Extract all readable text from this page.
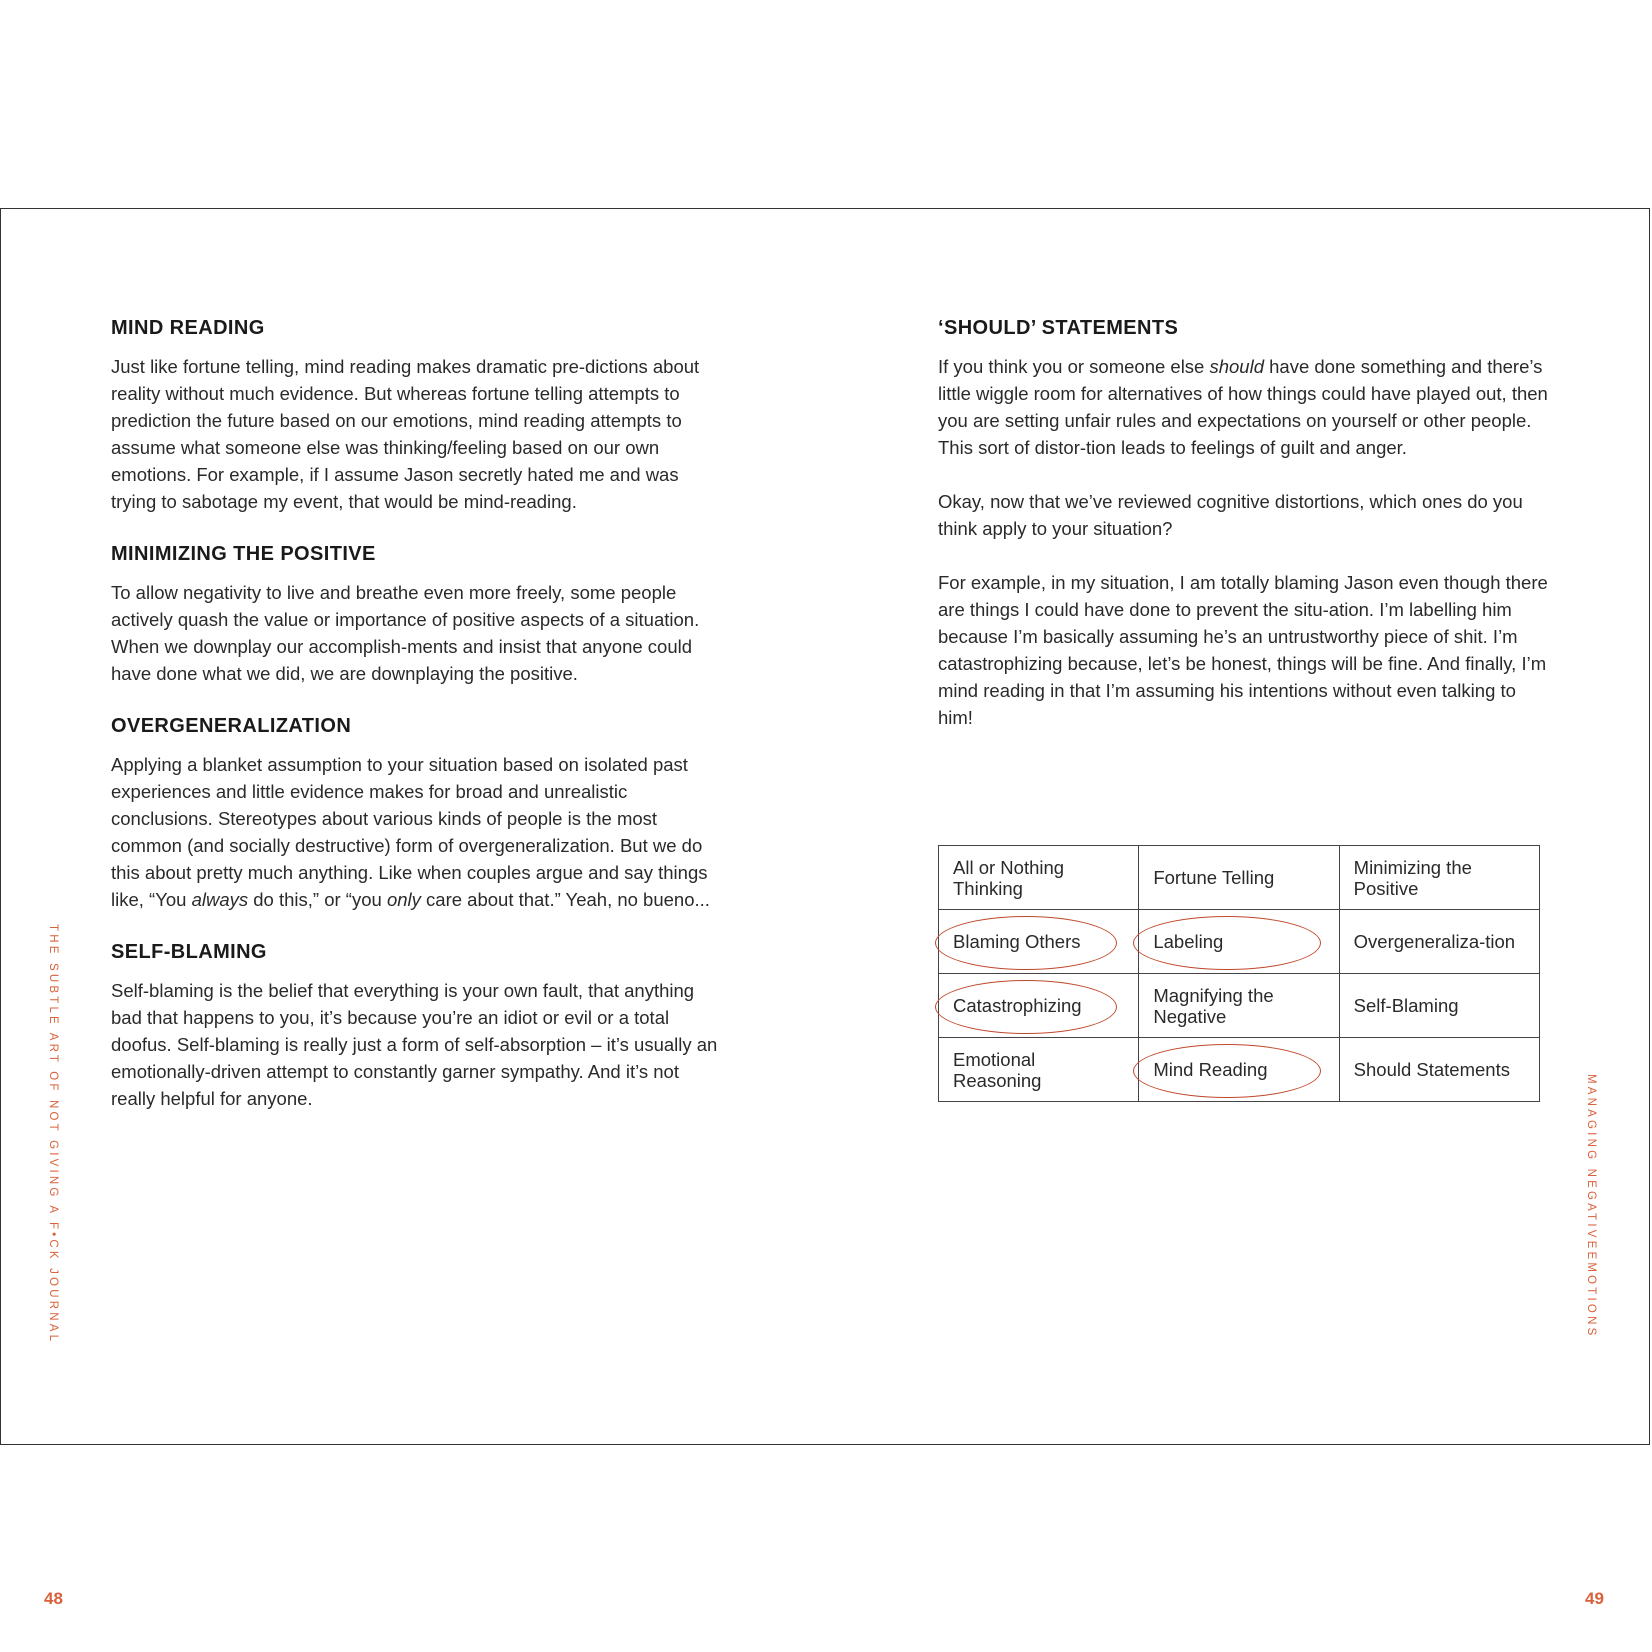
MIND READING

Just like fortune telling, mind reading makes dramatic pre-dictions about reality without much evidence. But whereas fortune telling attempts to prediction the future based on our emotions, mind reading attempts to assume what someone else was thinking/feeling based on our own emotions. For example, if I assume Jason secretly hated me and was trying to sabotage my event, that would be mind-reading.

MINIMIZING THE POSITIVE

To allow negativity to live and breathe even more freely, some people actively quash the value or importance of positive aspects of a situation. When we downplay our accomplish-ments and insist that anyone could have done what we did, we are downplaying the positive.

OVERGENERALIZATION

Applying a blanket assumption to your situation based on isolated past experiences and little evidence makes for broad and unrealistic conclusions. Stereotypes about various kinds of people is the most common (and socially destructive) form of overgeneralization. But we do this about pretty much anything. Like when couples argue and say things like, “You always do this,” or “you only care about that.” Yeah, no bueno...

SELF-BLAMING

Self-blaming is the belief that everything is your own fault, that anything bad that happens to you, it’s because you’re an idiot or evil or a total doofus. Self-blaming is really just a form of self-absorption – it’s usually an emotionally-driven attempt to constantly garner sympathy. And it’s not really helpful for anyone.

‘SHOULD’ STATEMENTS

If you think you or someone else should have done something and there’s little wiggle room for alternatives of how things could have played out, then you are setting unfair rules and expectations on yourself or other people. This sort of distor-tion leads to feelings of guilt and anger.

Okay, now that we’ve reviewed cognitive distortions, which ones do you think apply to your situation?

For example, in my situation, I am totally blaming Jason even though there are things I could have done to prevent the situ-ation. I’m labelling him because I’m basically assuming he’s an untrustworthy piece of shit. I’m catastrophizing because, let’s be honest, things will be fine. And finally, I’m mind reading in that I’m assuming his intentions without even talking to him!

All or Nothing Thinking	Fortune Telling	Minimizing the Positive

Blaming Others	Labeling	Overgeneraliza-tion

Catastrophizing	Magnifying the Negative	Self-Blaming
Emotional Reasoning	Mind Reading	Should Statements
THE SUBTLE ART OF NOT GIVING A F•CK JOURNAL	MANAGING NEGATIVEEMOTIONS
48	49
